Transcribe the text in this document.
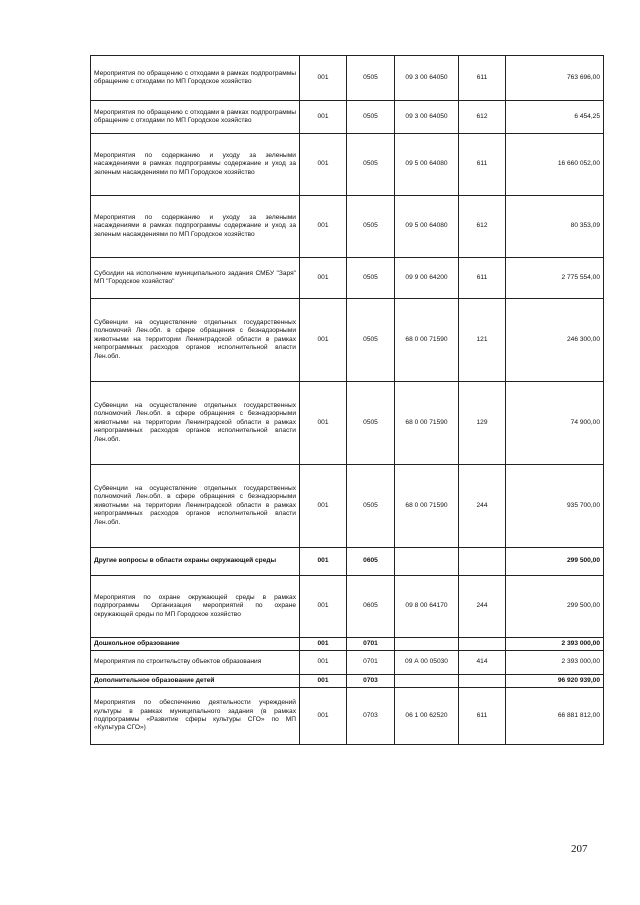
Мероприятия по обращению с отходами в рамках подпрограммы обращение с отходами по МП Городское хозяйство	001	0505	09 3 00 64050	611	763 696,00
Мероприятия по обращению с отходами в рамках подпрограммы обращение с отходами по МП Городское хозяйство	001	0505	09 3 00 64050	612	6 454,25
Мероприятия по содержанию и уходу за зелеными насаждениями в рамках подпрограммы содержание и уход за зеленым насаждениями по МП Городское хозяйство	001	0505	09 5 00 64080	611	16 660 052,00
Мероприятия по содержанию и уходу за зелеными насаждениями в рамках подпрограммы содержание и уход за зеленым насаждениями по МП Городское хозяйство	001	0505	09 5 00 64080	612	80 353,09
Субсидии на исполнение муниципального задания СМБУ "Заря" МП "Городское хозяйство"	001	0505	09 9 00 64200	611	2 775 554,00
Субвенции на осуществление отдельных государственных полномочий Лен.обл. в сфере обращения с безнадзорными животными на территории Ленинградской области в рамках непрограммных расходов органов исполнительной власти Лен.обл.	001	0505	68 0 00 71590	121	246 300,00
Субвенции на осуществление отдельных государственных полномочий Лен.обл. в сфере обращения с безнадзорными животными на территории Ленинградской области в рамках непрограммных расходов органов исполнительной власти Лен.обл.	001	0505	68 0 00 71590	129	74 900,00
Субвенции на осуществление отдельных государственных полномочий Лен.обл. в сфере обращения с безнадзорными животными на территории Ленинградской области в рамках непрограммных расходов органов исполнительной власти Лен.обл.	001	0505	68 0 00 71590	244	935 700,00
Другие вопросы в области охраны окружающей среды	001	0605			299 500,00
Мероприятия по охране окружающей среды в рамках подпрограммы Организация мероприятий по охране окружающей среды по МП Городское хозяйство	001	0605	09 8 00 64170	244	299 500,00
Дошкольное образование	001	0701			2 393 000,00
Мероприятия по строительству объектов образования	001	0701	09 А 00 05030	414	2 393 000,00
Дополнительное образование детей	001	0703			96 920 939,00
Мероприятия по обеспечению деятельности учреждений культуры в рамках муниципального задания (в рамках подпрограммы «Развитие сферы культуры СГО» по МП «Культура СГО»)	001	0703	06 1 00 62520	611	66 881 812,00
207
